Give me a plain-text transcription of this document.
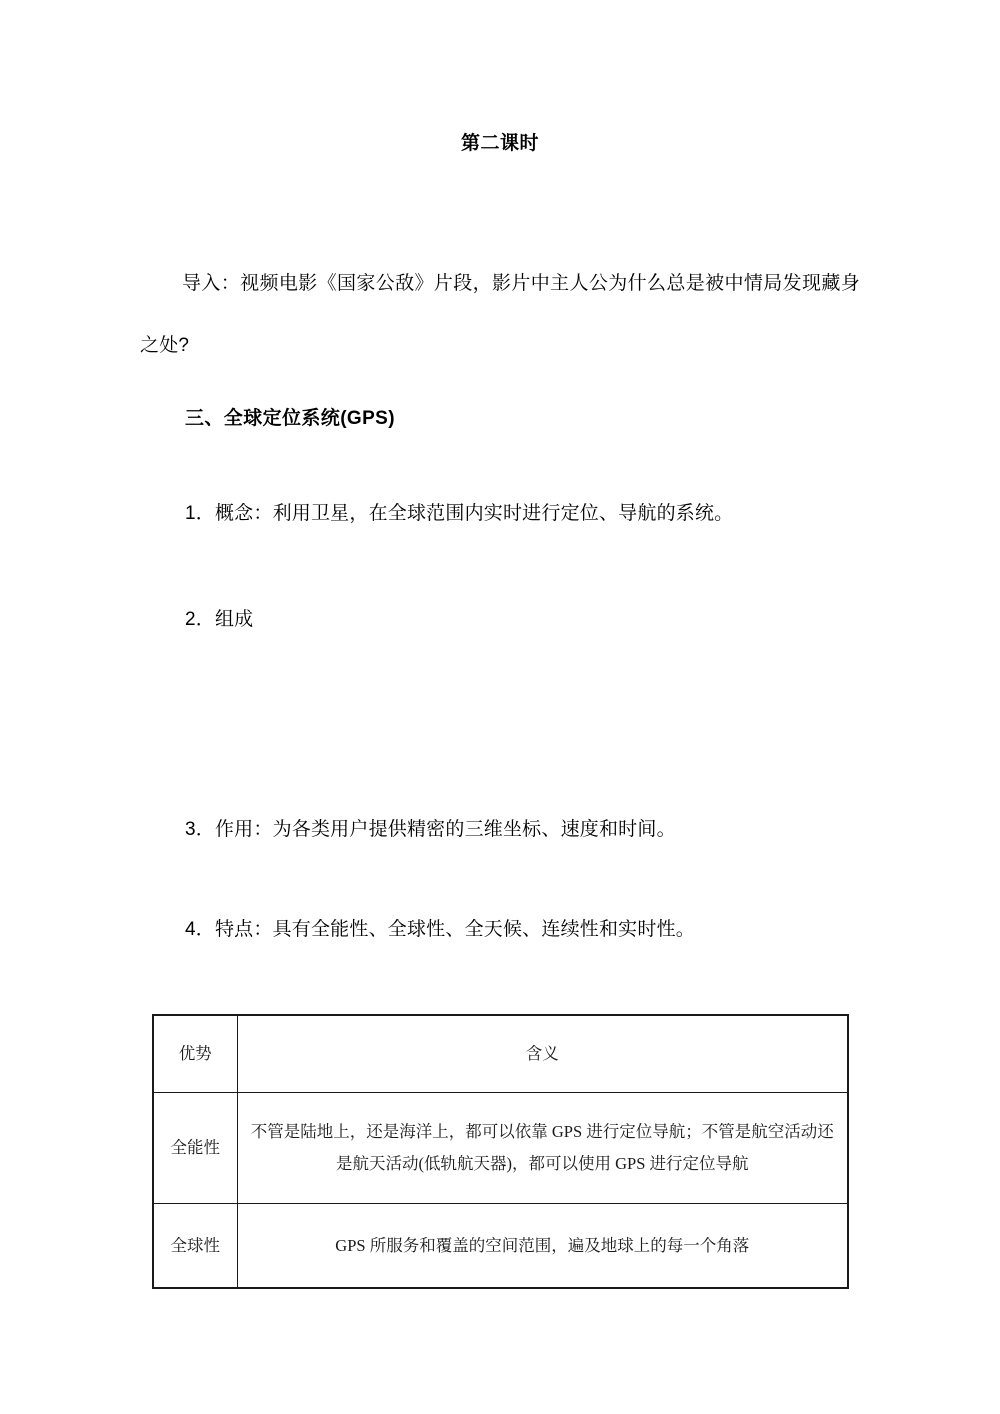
第二课时

导入：视频电影《国家公敌》片段，影片中主人公为什么总是被中情局发现藏身之处?

三、全球定位系统(GPS)
1．概念：利用卫星，在全球范围内实时进行定位、导航的系统。
2．组成
3．作用：为各类用户提供精密的三维坐标、速度和时间。
4．特点：具有全能性、全球性、全天候、连续性和实时性。
优势	含义
全能性	不管是陆地上，还是海洋上，都可以依靠 GPS 进行定位导航；不管是航空活动还是航天活动(低轨航天器)，都可以使用 GPS 进行定位导航
全球性	GPS 所服务和覆盖的空间范围，遍及地球上的每一个角落
